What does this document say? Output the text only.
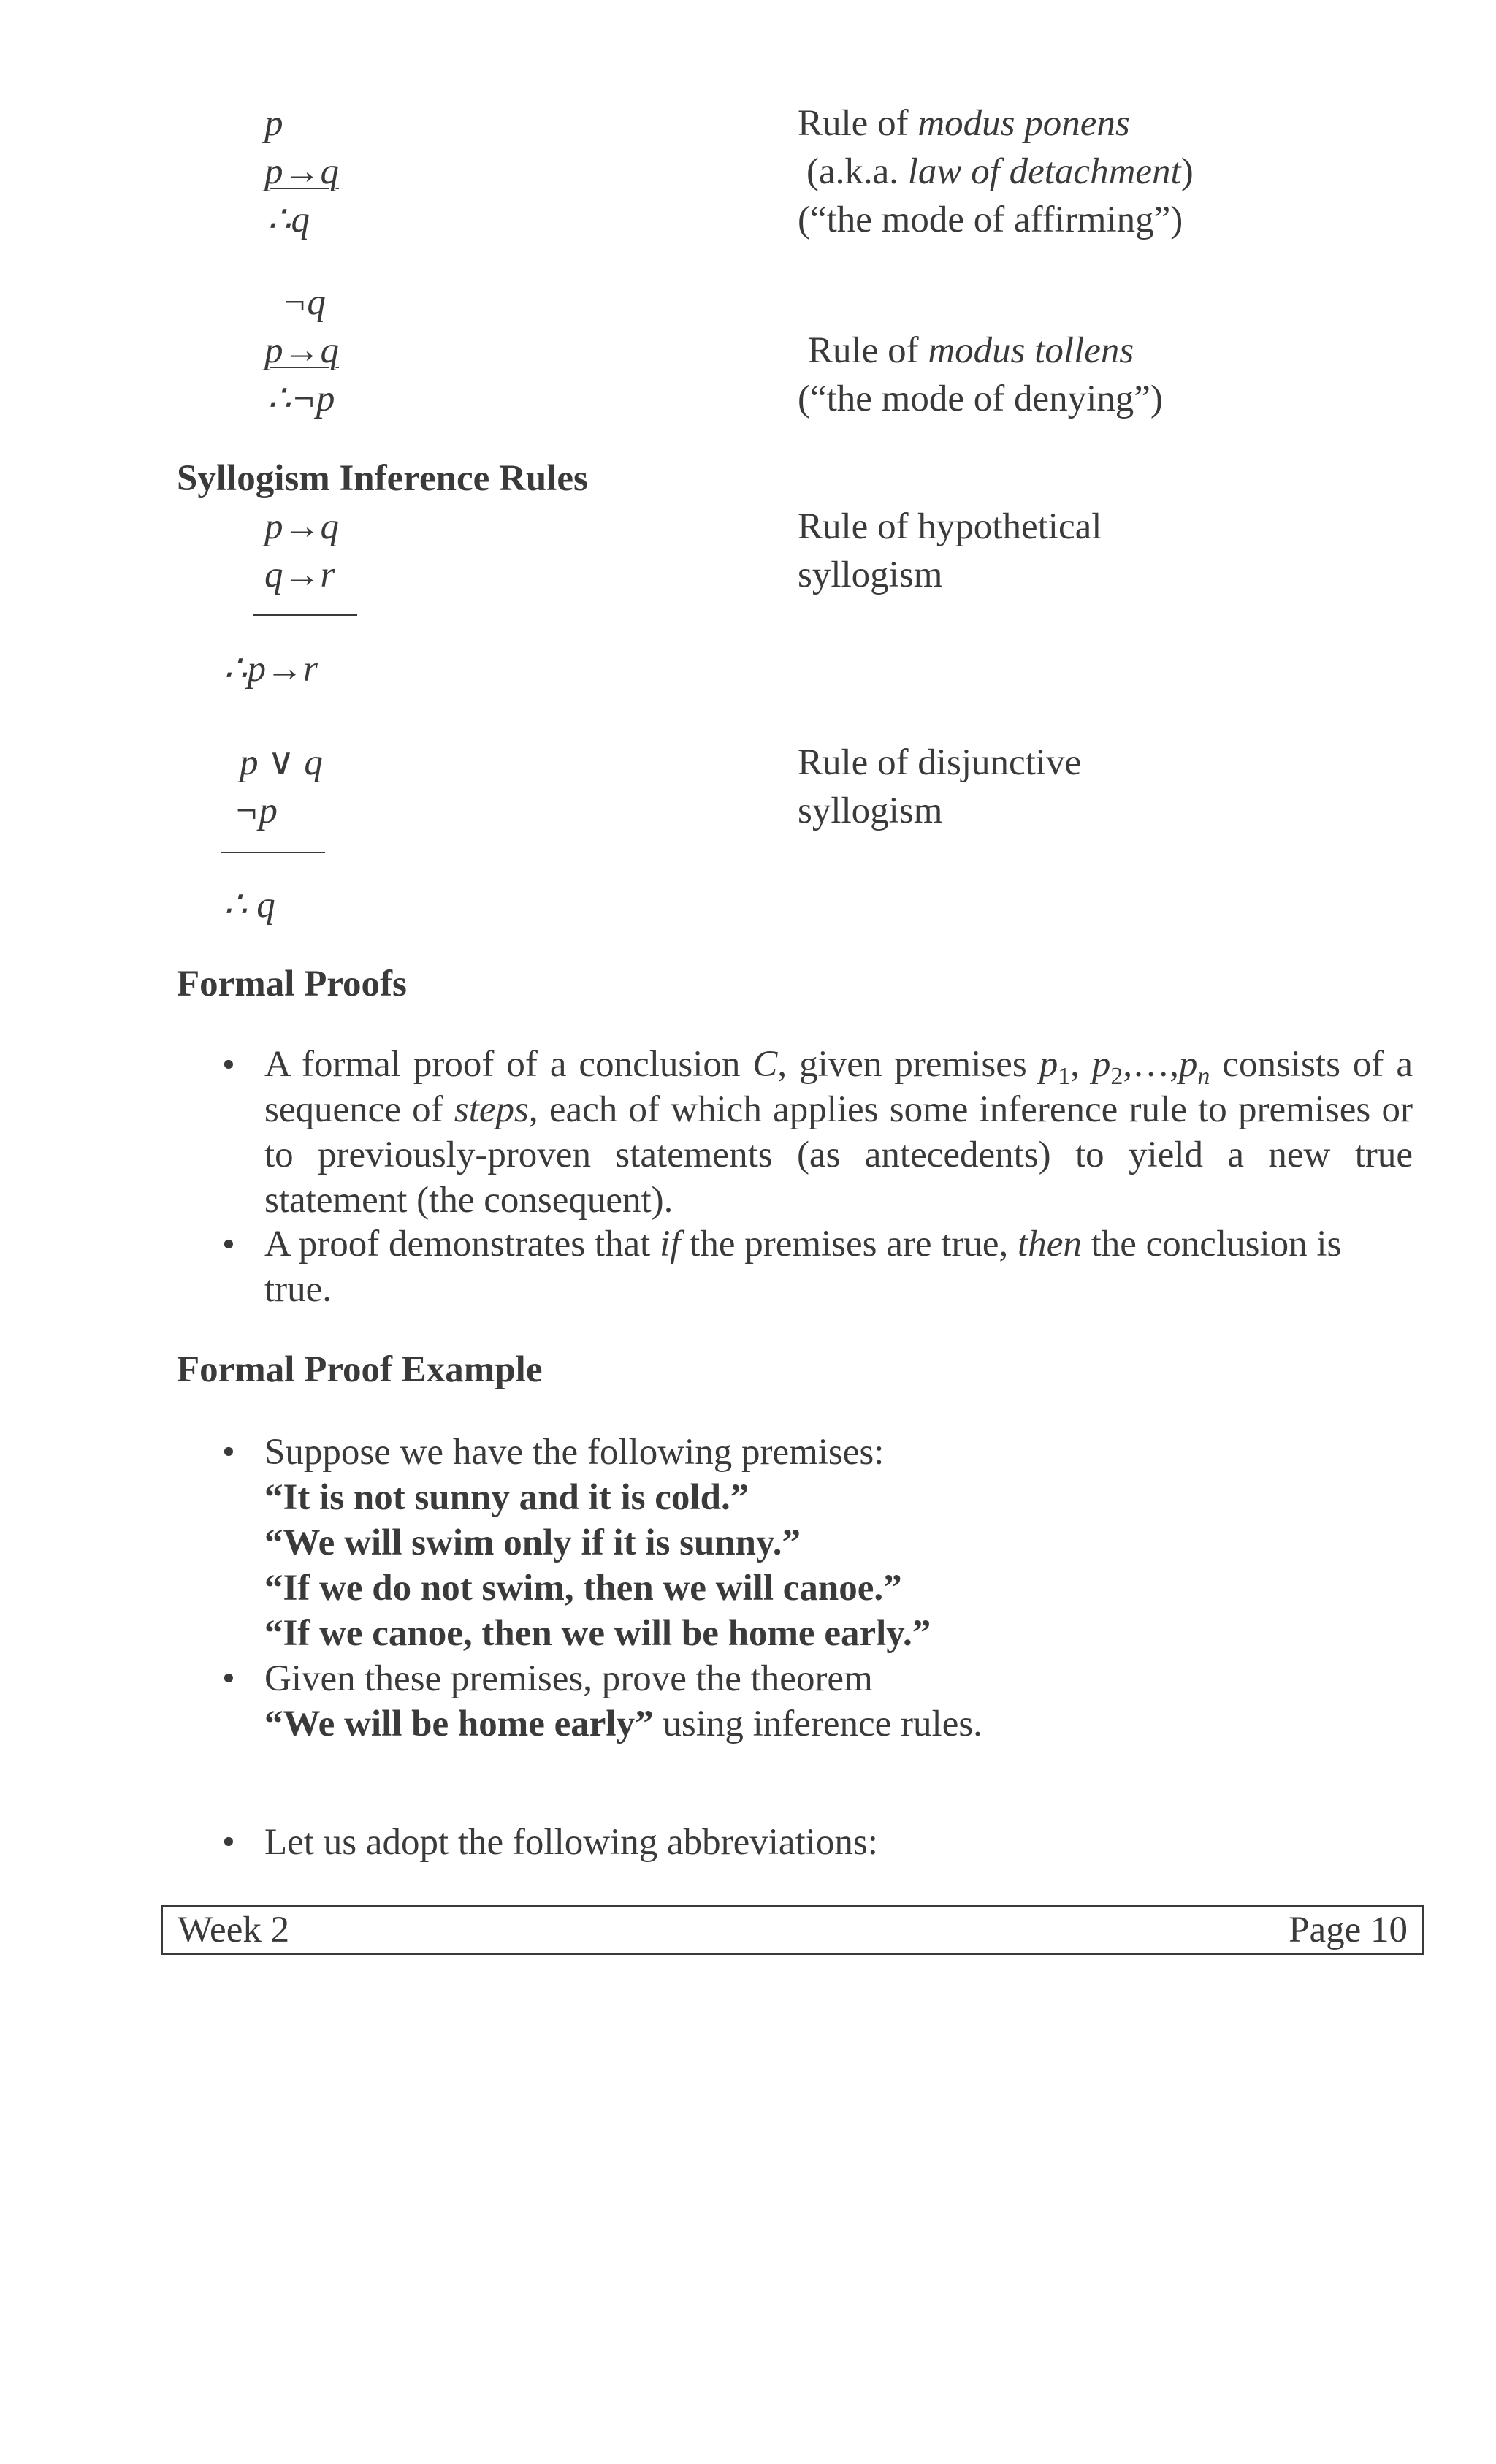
p
p→q
∴q
Rule of modus ponens
(a.k.a. law of detachment)
(“the mode of affirming”)
¬q
p→q
∴¬p
Rule of modus tollens
(“the mode of denying”)
Syllogism Inference Rules
p→q
q→r
∴p→r
Rule of hypothetical
syllogism
p ∨ q
¬p
∴ q
Rule of disjunctive
syllogism
Formal Proofs
• A formal proof of a conclusion C, given premises $p_1$, $p_2,\dots,p_n$ consists of a sequence of steps, each of which applies some inference rule to premises or to previously-proven statements (as antecedents) to yield a new true statement (the consequent).
• A proof demonstrates that if the premises are true, then the conclusion is true.
Formal Proof Example
• Suppose we have the following premises:
“It is not sunny and it is cold.”
“We will swim only if it is sunny.”
“If we do not swim, then we will canoe.”
“If we canoe, then we will be home early.”
• Given these premises, prove the theorem
“We will be home early” using inference rules.
• Let us adopt the following abbreviations:
Week 2	Page 10
